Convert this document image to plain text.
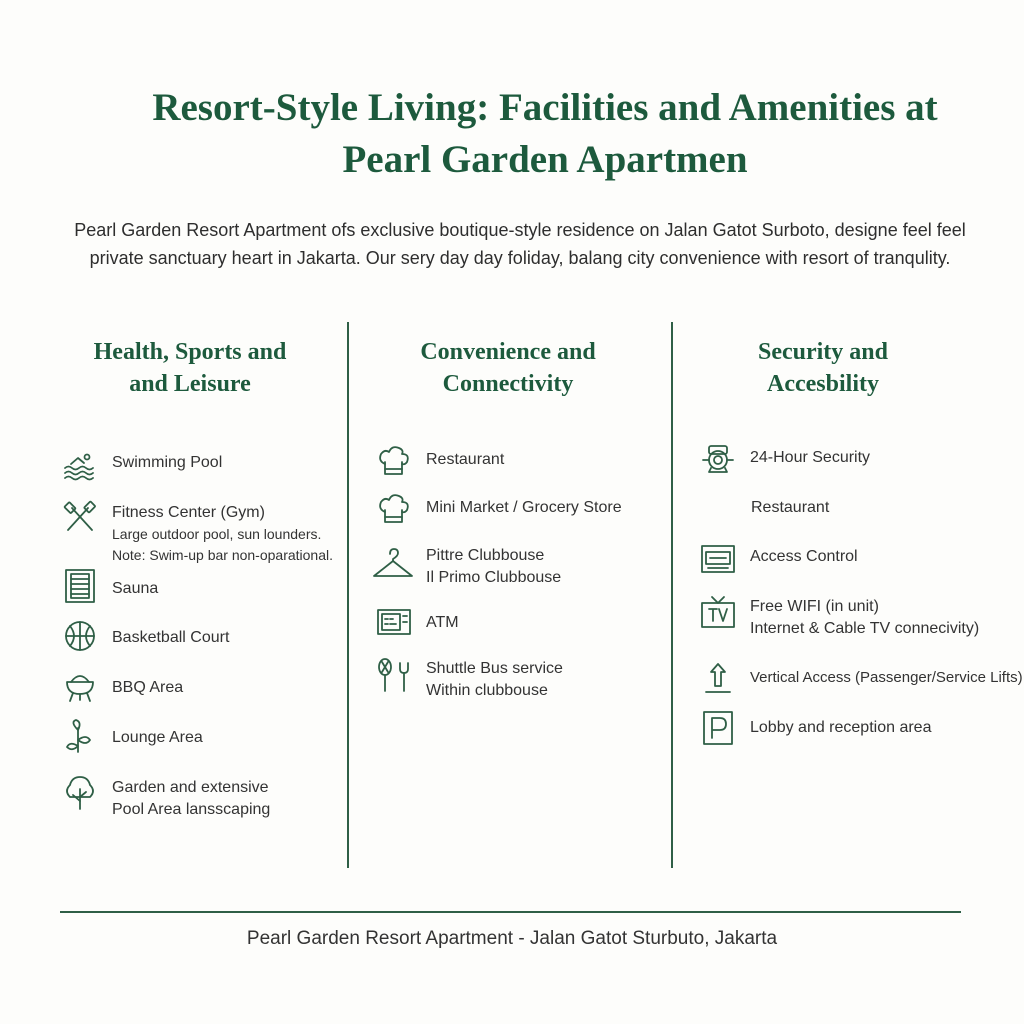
Resort-Style Living: Facilities and Amenities at
Pearl Garden Apartmen
Pearl Garden Resort Apartment ofs exclusive boutique-style residence on Jalan Gatot Surboto, designe feel feel
private sanctuary heart in Jakarta. Our sery day day foliday, balang city convenience with resort of tranqulity.
Health, Sports and
and Leisure
Convenience and
Connectivity
Security and
Accesbility
Swimming Pool
Fitness Center (Gym)
Large outdoor pool, sun lounders.
Note: Swim-up bar non-oparational.
Sauna
Basketball Court
BBQ Area
Lounge Area
Garden and extensive
Pool Area lansscaping
Restaurant
Mini Market / Grocery Store
Pittre Clubbouse
Il Primo Clubbouse
ATM
Shuttle Bus service
Within clubbouse
24-Hour Security
Restaurant
Access Control
Free WIFI (in unit)
Internet & Cable TV connecivity)
Vertical Access (Passenger/Service Lifts)
Lobby and reception area
Pearl Garden Resort Apartment - Jalan Gatot Sturbuto, Jakarta
